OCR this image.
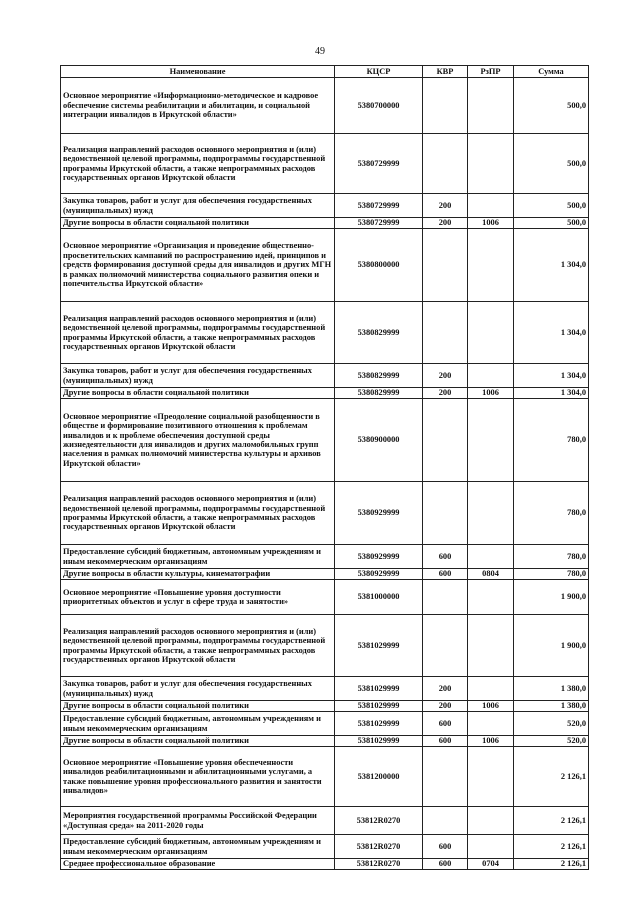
49
Наименование	КЦСР	КВР	РзПР	Сумма
Основное мероприятие «Информационно-методическое и кадровое обеспечение системы реабилитации и абилитации, и социальной интеграции инвалидов в Иркутской области»	5380700000			500,0
Реализация направлений расходов основного мероприятия и (или) ведомственной целевой программы, подпрограммы государственной программы Иркутской области, а также непрограммных расходов государственных органов Иркутской области	5380729999			500,0
Закупка товаров, работ и услуг для обеспечения государственных (муниципальных) нужд	5380729999	200		500,0
Другие вопросы в области социальной политики	5380729999	200	1006	500,0
Основное мероприятие «Организация и проведение общественно-просветительских кампаний по распространению идей, принципов и средств формирования доступной среды для инвалидов и других МГН в рамках полномочий министерства социального развития опеки и попечительства Иркутской области»	5380800000			1 304,0
Реализация направлений расходов основного мероприятия и (или) ведомственной целевой программы, подпрограммы государственной программы Иркутской области, а также непрограммных расходов государственных органов Иркутской области	5380829999			1 304,0
Закупка товаров, работ и услуг для обеспечения государственных (муниципальных) нужд	5380829999	200		1 304,0
Другие вопросы в области социальной политики	5380829999	200	1006	1 304,0
Основное мероприятие «Преодоление социальной разобщенности в обществе и формирование позитивного отношения к проблемам инвалидов и к проблеме обеспечения доступной среды жизнедеятельности для инвалидов и других маломобильных групп населения в рамках полномочий министерства культуры и архивов Иркутской области»	5380900000			780,0
Реализация направлений расходов основного мероприятия и (или) ведомственной целевой программы, подпрограммы государственной программы Иркутской области, а также непрограммных расходов государственных органов Иркутской области	5380929999			780,0
Предоставление субсидий бюджетным, автономным учреждениям и иным некоммерческим организациям	5380929999	600		780,0
Другие вопросы в области культуры, кинематографии	5380929999	600	0804	780,0
Основное мероприятие «Повышение уровня доступности приоритетных объектов и услуг в сфере труда и занятости»	5381000000			1 900,0
Реализация направлений расходов основного мероприятия и (или) ведомственной целевой программы, подпрограммы государственной программы Иркутской области, а также непрограммных расходов государственных органов Иркутской области	5381029999			1 900,0
Закупка товаров, работ и услуг для обеспечения государственных (муниципальных) нужд	5381029999	200		1 380,0
Другие вопросы в области социальной политики	5381029999	200	1006	1 380,0
Предоставление субсидий бюджетным, автономным учреждениям и иным некоммерческим организациям	5381029999	600		520,0
Другие вопросы в области социальной политики	5381029999	600	1006	520,0
Основное мероприятие «Повышение уровня обеспеченности инвалидов реабилитационными и абилитационными услугами, а также повышение уровня профессионального развития и занятости инвалидов»	5381200000			2 126,1
Мероприятия государственной программы Российской Федерации «Доступная среда» на 2011-2020 годы	53812R0270			2 126,1
Предоставление субсидий бюджетным, автономным учреждениям и иным некоммерческим организациям	53812R0270	600		2 126,1
Среднее профессиональное образование	53812R0270	600	0704	2 126,1
